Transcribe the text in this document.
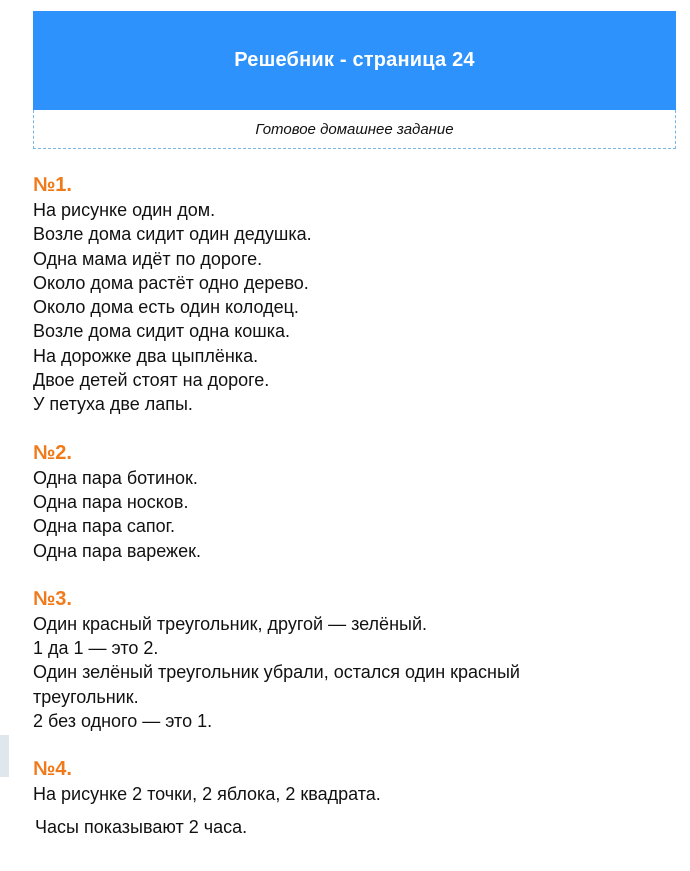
Решебник - страница 24
Готовое домашнее задание
№1.
На рисунке один дом.
Возле дома сидит один дедушка.
Одна мама идёт по дороге.
Около дома растёт одно дерево.
Около дома есть один колодец.
Возле дома сидит одна кошка.
На дорожке два цыплёнка.
Двое детей стоят на дороге.
У петуха две лапы.
№2.
Одна пара ботинок.
Одна пара носков.
Одна пара сапог.
Одна пара варежек.
№3.
Один красный треугольник, другой — зелёный.
1 да 1 — это 2.
Один зелёный треугольник убрали, остался один красный треугольник.
2 без одного — это 1.
№4.
На рисунке 2 точки, 2 яблока, 2 квадрата.
Часы показывают 2 часа.
